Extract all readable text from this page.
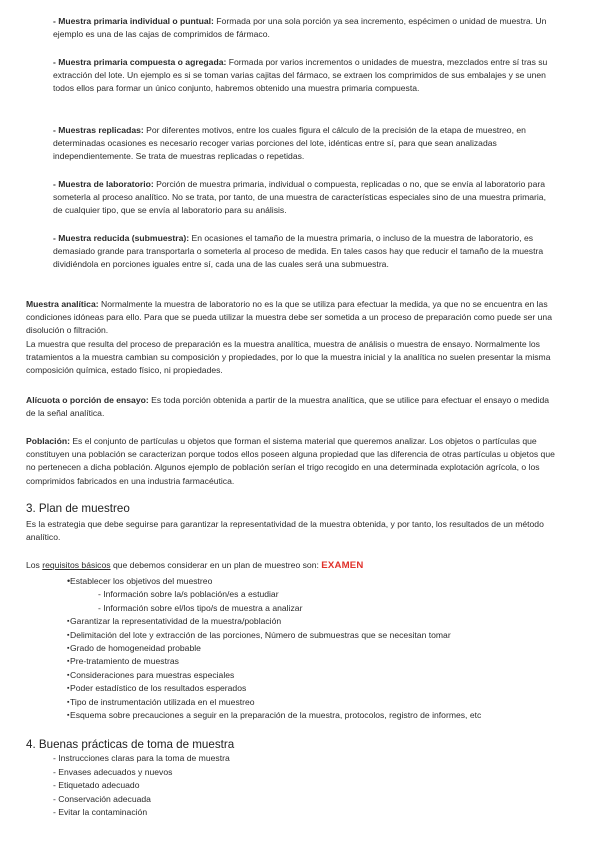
- Muestra primaria individual o puntual: Formada por una sola porción ya sea incremento, espécimen o unidad de muestra. Un ejemplo es una de las cajas de comprimidos de fármaco.

- Muestra primaria compuesta o agregada: Formada por varios incrementos o unidades de muestra, mezclados entre sí tras su extracción del lote. Un ejemplo es si se toman varias cajitas del fármaco, se extraen los comprimidos de sus embalajes y se unen todos ellos para formar un único conjunto, habremos obtenido una muestra primaria compuesta.

- Muestras replicadas: Por diferentes motivos, entre los cuales figura el cálculo de la precisión de la etapa de muestreo, en determinadas ocasiones es necesario recoger varias porciones del lote, idénticas entre sí, para que sean analizadas independientemente. Se trata de muestras replicadas o repetidas.

- Muestra de laboratorio: Porción de muestra primaria, individual o compuesta, replicadas o no, que se envía al laboratorio para someterla al proceso analítico. No se trata, por tanto, de una muestra de características especiales sino de una muestra primaria, de cualquier tipo, que se envía al laboratorio para su análisis.

- Muestra reducida (submuestra): En ocasiones el tamaño de la muestra primaria, o incluso de la muestra de laboratorio, es demasiado grande para transportarla o someterla al proceso de medida. En tales casos hay que reducir el tamaño de la muestra dividiéndola en porciones iguales entre sí, cada una de las cuales será una submuestra.

Muestra analítica: Normalmente la muestra de laboratorio no es la que se utiliza para efectuar la medida, ya que no se encuentra en las condiciones idóneas para ello. Para que se pueda utilizar la muestra debe ser sometida a un proceso de preparación como puede ser una disolución o filtración.

La muestra que resulta del proceso de preparación es la muestra analítica, muestra de análisis o muestra de ensayo. Normalmente los tratamientos a la muestra cambian su composición y propiedades, por lo que la muestra inicial y la analítica no suelen presentar la misma composición química, estado físico, ni propiedades.

Alícuota o porción de ensayo: Es toda porción obtenida a partir de la muestra analítica, que se utilice para efectuar el ensayo o medida de la señal analítica.

Población: Es el conjunto de partículas u objetos que forman el sistema material que queremos analizar. Los objetos o partículas que constituyen una población se caracterizan porque todos ellos poseen alguna propiedad que las diferencia de otras partículas u objetos que no pertenecen a dicha población. Algunos ejemplo de población serían el trigo recogido en una determinada explotación agrícola, o los comprimidos fabricados en una industria farmacéutica.

3. Plan de muestreo

Es la estrategia que debe seguirse para garantizar la representatividad de la muestra obtenida, y por tanto, los resultados de un método analítico.

Los requisitos básicos que debemos considerar en un plan de muestreo son: EXAMEN

• Establecer los objetivos del muestreo
- Información sobre la/s población/es a estudiar
- Información sobre el/los tipo/s de muestra a analizar
▪ Garantizar la representatividad de la muestra/población
▪ Delimitación del lote y extracción de las porciones, Número de submuestras que se necesitan tomar
▪ Grado de homogeneidad probable
▪ Pre-tratamiento de muestras
▪ Consideraciones para muestras especiales
▪ Poder estadístico de los resultados esperados
▪ Tipo de instrumentación utilizada en el muestreo
▪ Esquema sobre precauciones a seguir en la preparación de la muestra, protocolos, registro de informes, etc
4. Buenas prácticas de toma de muestra
- Instrucciones claras para la toma de muestra
- Envases adecuados y nuevos
- Etiquetado adecuado
- Conservación adecuada
- Evitar la contaminación
